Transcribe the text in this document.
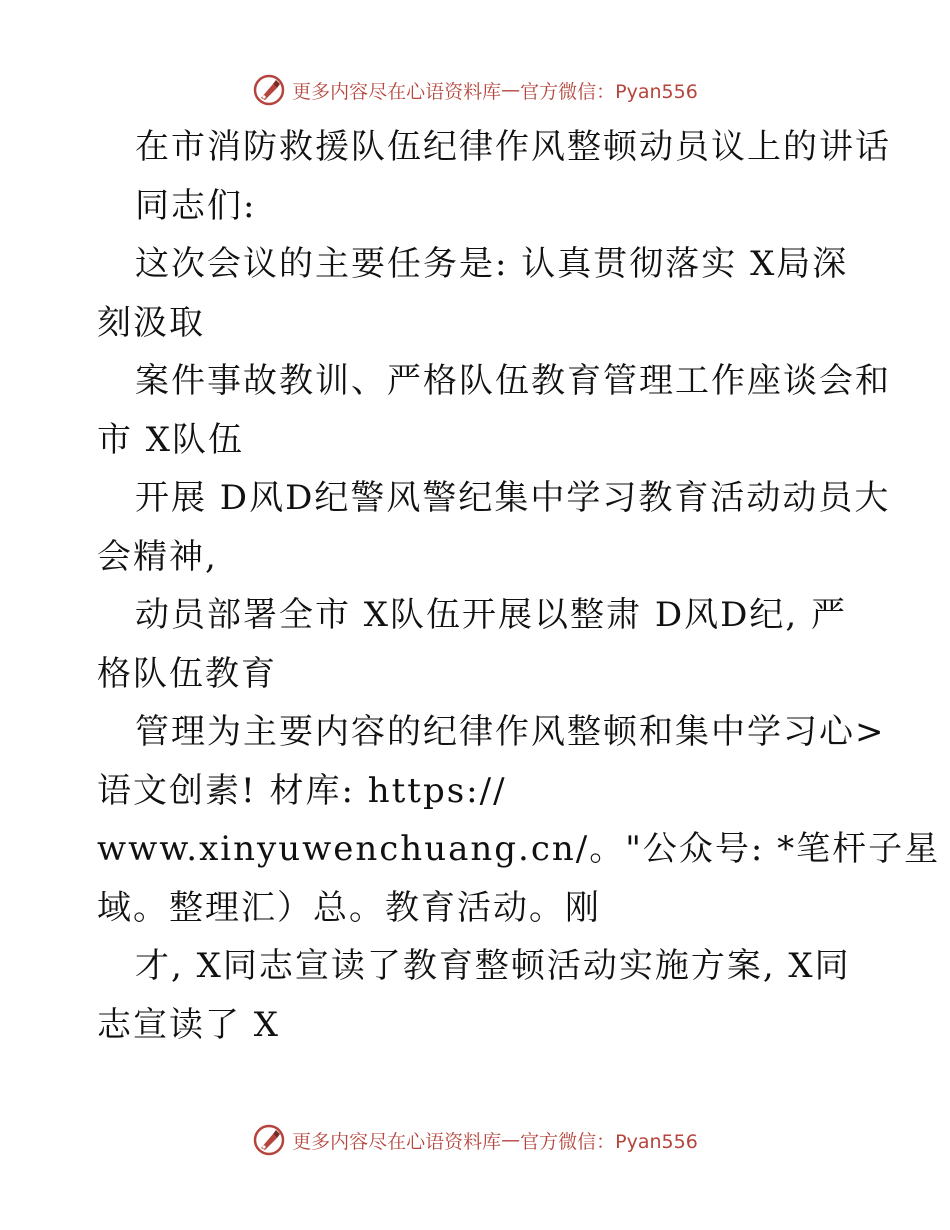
更多内容尽在心语资料库 — 官方微信：Pyan556
在市消防救援队伍纪律作风整顿动员议上的讲话
同志们:
这次会议的主要任务是: 认真贯彻落实 X局深
刻汲取
案件事故教训、严格队伍教育管理工作座谈会和
市 X队伍
开展 D风D纪警风警纪集中学习教育活动动员大
会精神,
动员部署全市 X队伍开展以整肃 D风D纪, 严
格队伍教育
管理为主要内容的纪律作风整顿和集中学习心>
语文创素! 材库: https://
www.xinyuwenchuang.cn/。"公众号: *笔杆子星
域。整理汇）总。教育活动。刚
才, X同志宣读了教育整顿活动实施方案, X同
志宣读了 X
更多内容尽在心语资料库 — 官方微信：Pyan556
